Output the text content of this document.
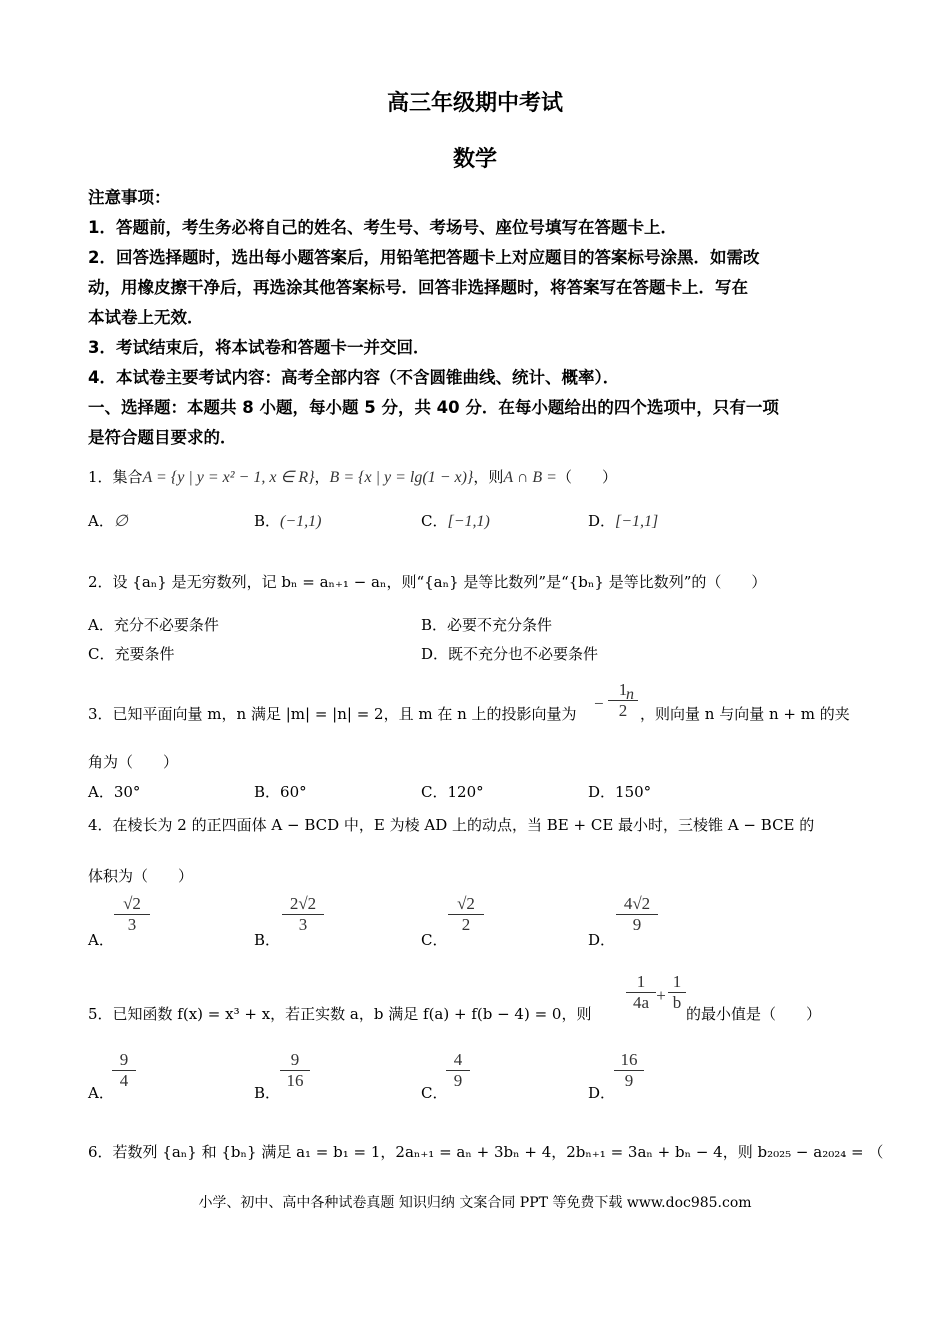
高三年级期中考试
数学
注意事项：
1．答题前，考生务必将自己的姓名、考生号、考场号、座位号填写在答题卡上．
2．回答选择题时，选出每小题答案后，用铅笔把答题卡上对应题目的答案标号涂黑．如需改
动，用橡皮擦干净后，再选涂其他答案标号．回答非选择题时，将答案写在答题卡上．写在
本试卷上无效．
3．考试结束后，将本试卷和答题卡一并交回．
4．本试卷主要考试内容：高考全部内容（不含圆锥曲线、统计、概率）．
一、选择题：本题共 8 小题，每小题 5 分，共 40 分．在每小题给出的四个选项中，只有一项
是符合题目要求的．
1．集合A = {y | y = x² − 1, x ∈ R}，B = {x | y = lg(1 − x)}，则A ∩ B =（　　）
A．∅	B．(−1,1)	C．[−1,1)	D．[−1,1]
2．设 {aₙ} 是无穷数列，记 bₙ = aₙ₊₁ − aₙ，则“{aₙ} 是等比数列”是“{bₙ} 是等比数列”的（　　）
A．充分不必要条件	B．必要不充分条件
C．充要条件	D．既不充分也不必要条件
3．已知平面向量 m，n 满足 |m| = |n| = 2，且 m 在 n 上的投影向量为
−
1
2
n⃗
，则向量 n 与向量 n + m 的夹
角为（　　）
A．30°	B．60°	C．120°	D．150°
4．在棱长为 2 的正四面体 A − BCD 中，E 为棱 AD 上的动点，当 BE + CE 最小时，三棱锥 A − BCE 的
体积为（　　）
A．
$\frac{√2}{3}$
B．
$\frac{2√2}{3}$
C．
$\frac{√2}{2}$
D．
$\frac{4√2}{9}$
5．已知函数 f(x) = x³ + x，若正实数 a，b 满足 f(a) + f(b − 4) = 0，则
$\frac{1}{4a} + \frac{1}{b}$
的最小值是（　　）
A．
$\frac{9}{4}$
B．
$\frac{9}{16}$
C．
$\frac{4}{9}$
D．
$\frac{16}{9}$
6．若数列 {aₙ} 和 {bₙ} 满足 a₁ = b₁ = 1，2aₙ₊₁ = aₙ + 3bₙ + 4，2bₙ₊₁ = 3aₙ + bₙ − 4，则 b₂₀₂₅ − a₂₀₂₄ = （
小学、初中、高中各种试卷真题 知识归纳 文案合同 PPT 等免费下载 www.doc985.com
